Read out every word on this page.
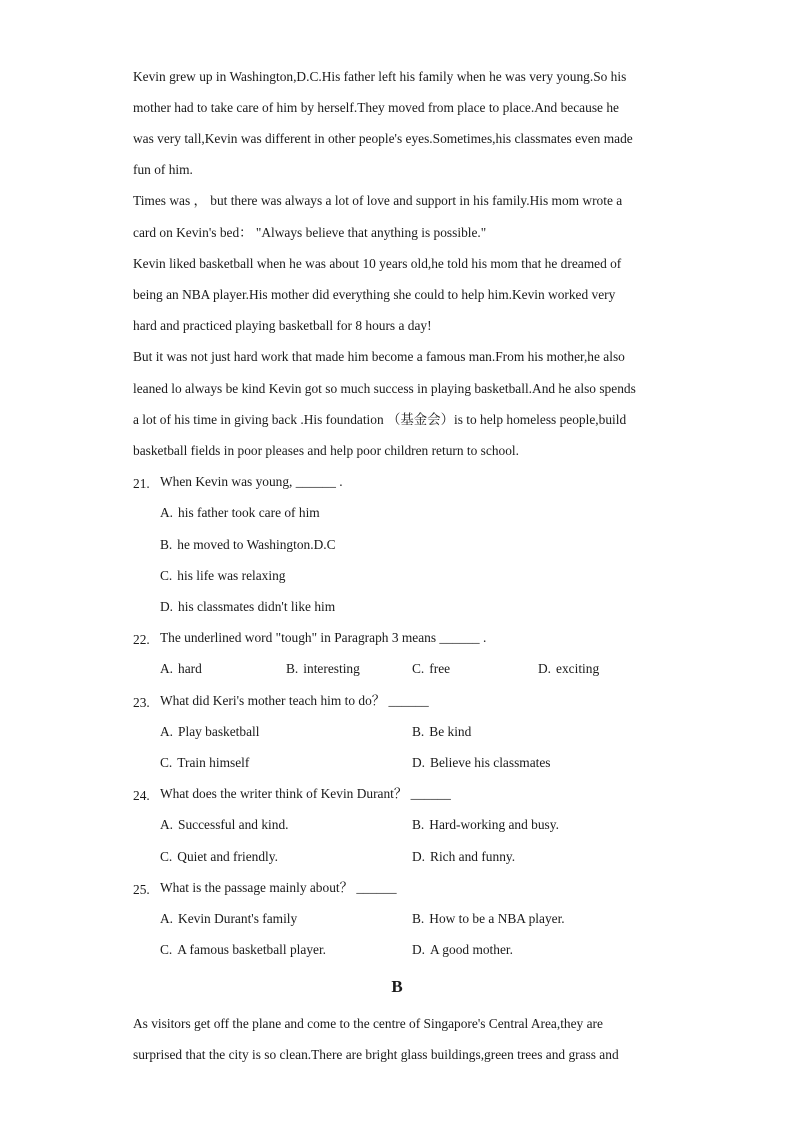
Kevin grew up in Washington,D.C.His father left his family when he was very young.So his
mother had to take care of him by herself.They moved from place to place.And because he
was very tall,Kevin was different in other people's eyes.Sometimes,his classmates even made
fun of him.
Times was ， but there was always a lot of love and support in his family.His mom wrote a
card on Kevin's bed： "Always believe that anything is possible."
Kevin liked basketball when he was about 10 years old,he told his mom that he dreamed of
being an NBA player.His mother did everything she could to help him.Kevin worked very
hard and practiced playing basketball for 8 hours a day!
But it was not just hard work that made him become a famous man.From his mother,he also
leaned lo always be kind Kevin got so much success in playing basketball.And he also spends
a lot of his time in giving back .His foundation （基金会）is to help homeless people,build
basketball fields in poor pleases and help poor children return to school.
21. When Kevin was young, ______ .
A. his father took care of him
B. he moved to Washington.D.C
C. his life was relaxing
D. his classmates didn't like him
22. The underlined word "tough" in Paragraph 3 means ______ .
A. hard	B. interesting	C. free	D. exciting
23. What did Keri's mother teach him to do？ ______
A. Play basketball	B. Be kind
C. Train himself	D. Believe his classmates
24. What does the writer think of Kevin Durant？ ______
A. Successful and kind.	B. Hard-working and busy.
C. Quiet and friendly.	D. Rich and funny.
25. What is the passage mainly about？ ______
A. Kevin Durant's family	B. How to be a NBA player.
C. A famous basketball player.	D. A good mother.
B
As visitors get off the plane and come to the centre of Singapore's Central Area,they are
surprised that the city is so clean.There are bright glass buildings,green trees and grass and
